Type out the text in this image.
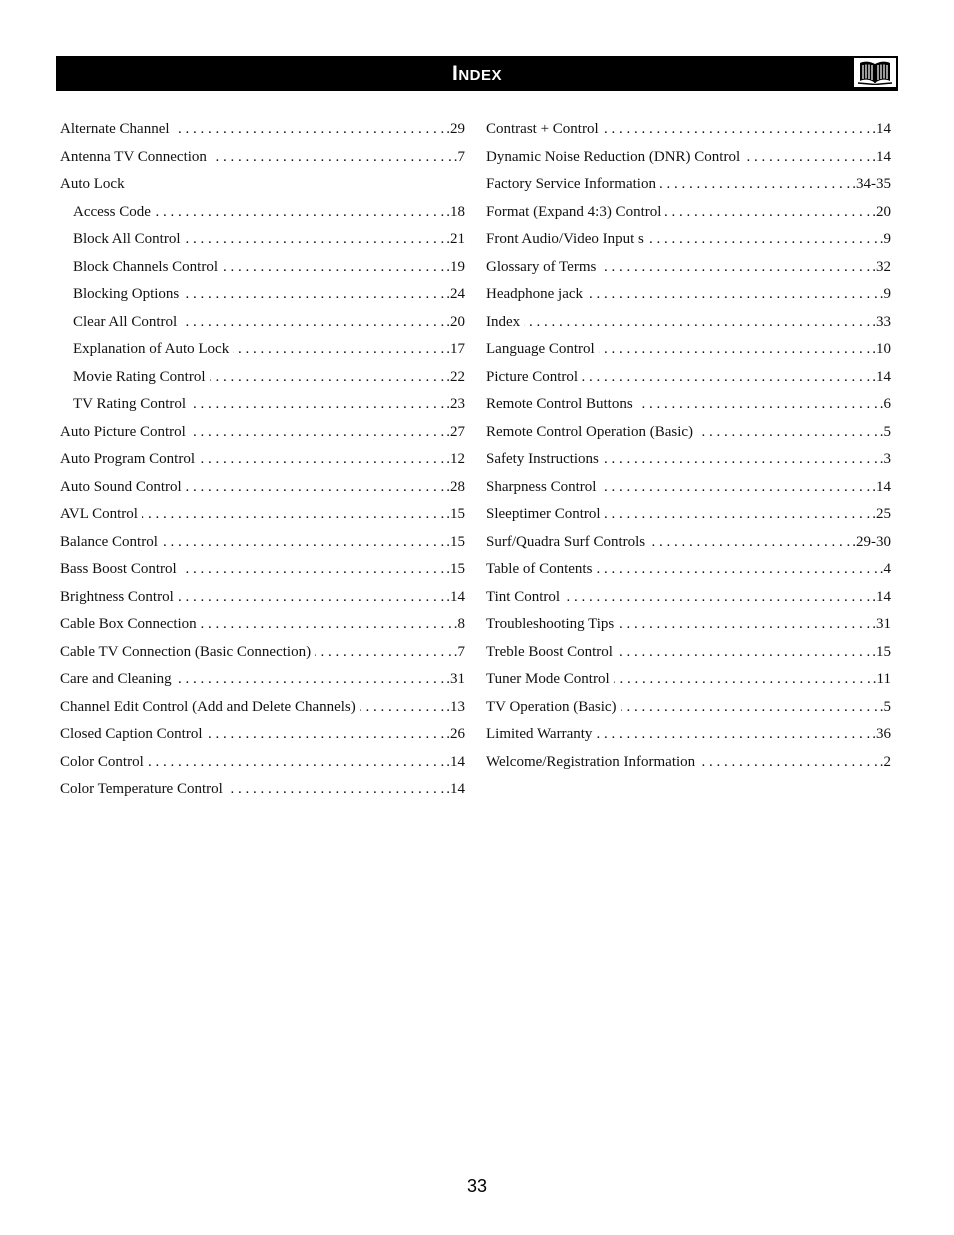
Index
Alternate Channel . . .	.29
Antenna TV Connection . . .	.7
Auto Lock
Access Code . . .	.18
Block All Control . . .	.21
Block Channels Control . . .	.19
Blocking Options . . .	.24
Clear All Control . . .	.20
Explanation of Auto Lock . . .	.17
Movie Rating Control . . .	.22
TV Rating Control . . .	.23
Auto Picture Control . . .	.27
Auto Program Control . . .	.12
Auto Sound Control . . .	.28
AVL Control . . .	.15
Balance Control . . .	.15
Bass Boost Control . . .	.15
Brightness Control . . .	.14
Cable Box Connection . . .	.8
Cable TV Connection (Basic Connection) . . .	.7
Care and Cleaning . . .	.31
Channel Edit Control (Add and Delete Channels) . . .	.13
Closed Caption Control . . .	.26
Color Control . . .	.14
Color Temperature Control . . .	.14
Contrast + Control . . .	.14
Dynamic Noise Reduction (DNR) Control . . .	.14
Factory Service Information . . .	.34-35
Format (Expand 4:3) Control . . .	.20
Front Audio/Video Input s . . .	.9
Glossary of Terms . . .	.32
Headphone jack . . .	.9
Index . . .	.33
Language Control . . .	.10
Picture Control . . .	.14
Remote Control Buttons . . .	.6
Remote Control Operation (Basic) . . .	.5
Safety Instructions . . .	.3
Sharpness Control . . .	.14
Sleeptimer Control . . .	.25
Surf/Quadra Surf Controls . . .	.29-30
Table of Contents . . .	.4
Tint Control . . .	.14
Troubleshooting Tips . . .	.31
Treble Boost Control . . .	.15
Tuner Mode Control . . .	.11
TV Operation (Basic) . . .	.5
Limited Warranty . . .	.36
Welcome/Registration Information . . .	.2
33
